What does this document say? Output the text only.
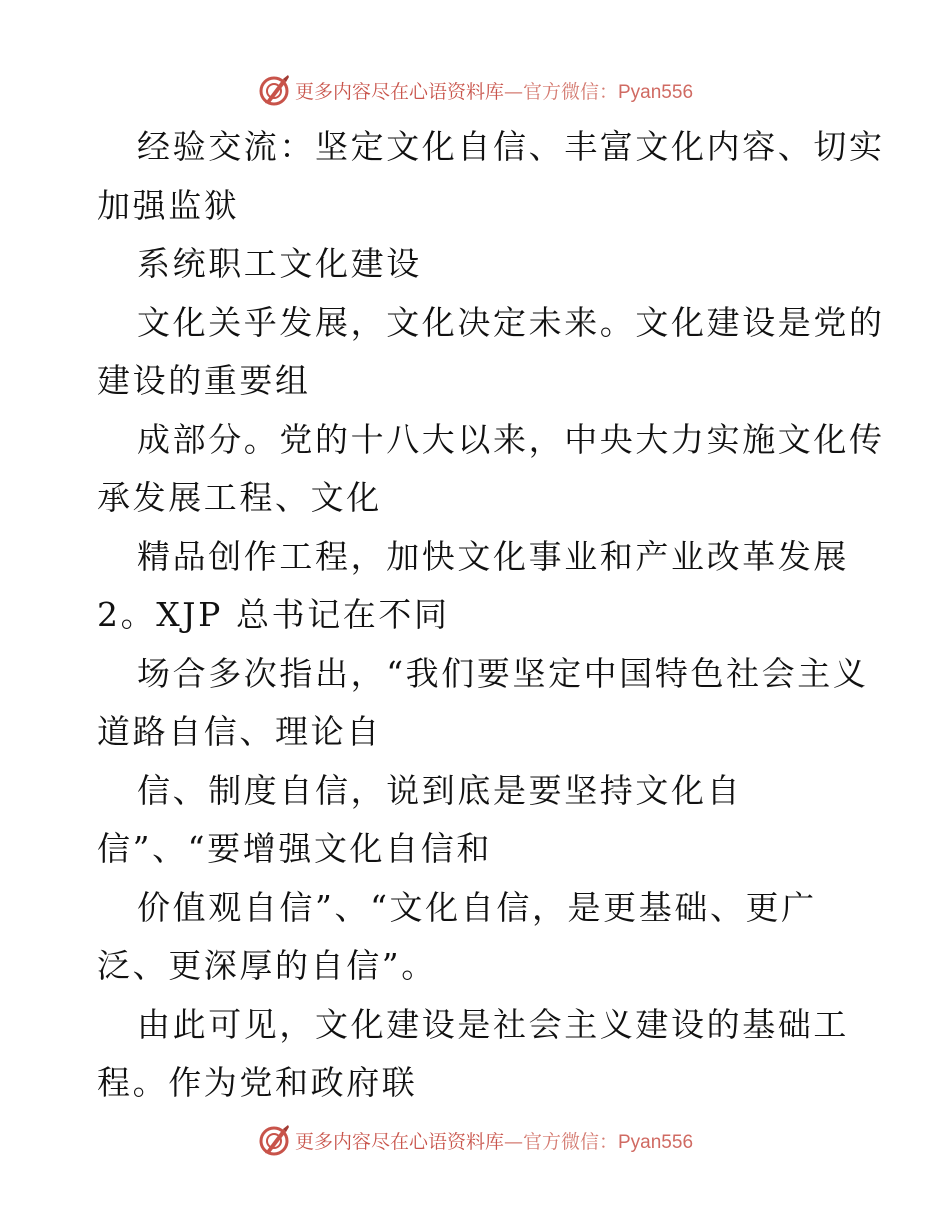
更多内容尽在心语资料库—官方微信：Pyan556
经验交流：坚定文化自信、丰富文化内容、切实
加强监狱
系统职工文化建设
文化关乎发展，文化决定未来。文化建设是党的
建设的重要组
成部分。党的十八大以来，中央大力实施文化传
承发展工程、文化
精品创作工程，加快文化事业和产业改革发展
2。XJP 总书记在不同
场合多次指出，“我们要坚定中国特色社会主义
道路自信、理论自
信、制度自信，说到底是要坚持文化自
信”、“要增强文化自信和
价值观自信”、“文化自信，是更基础、更广
泛、更深厚的自信”。
由此可见，文化建设是社会主义建设的基础工
程。作为党和政府联
更多内容尽在心语资料库—官方微信：Pyan556
